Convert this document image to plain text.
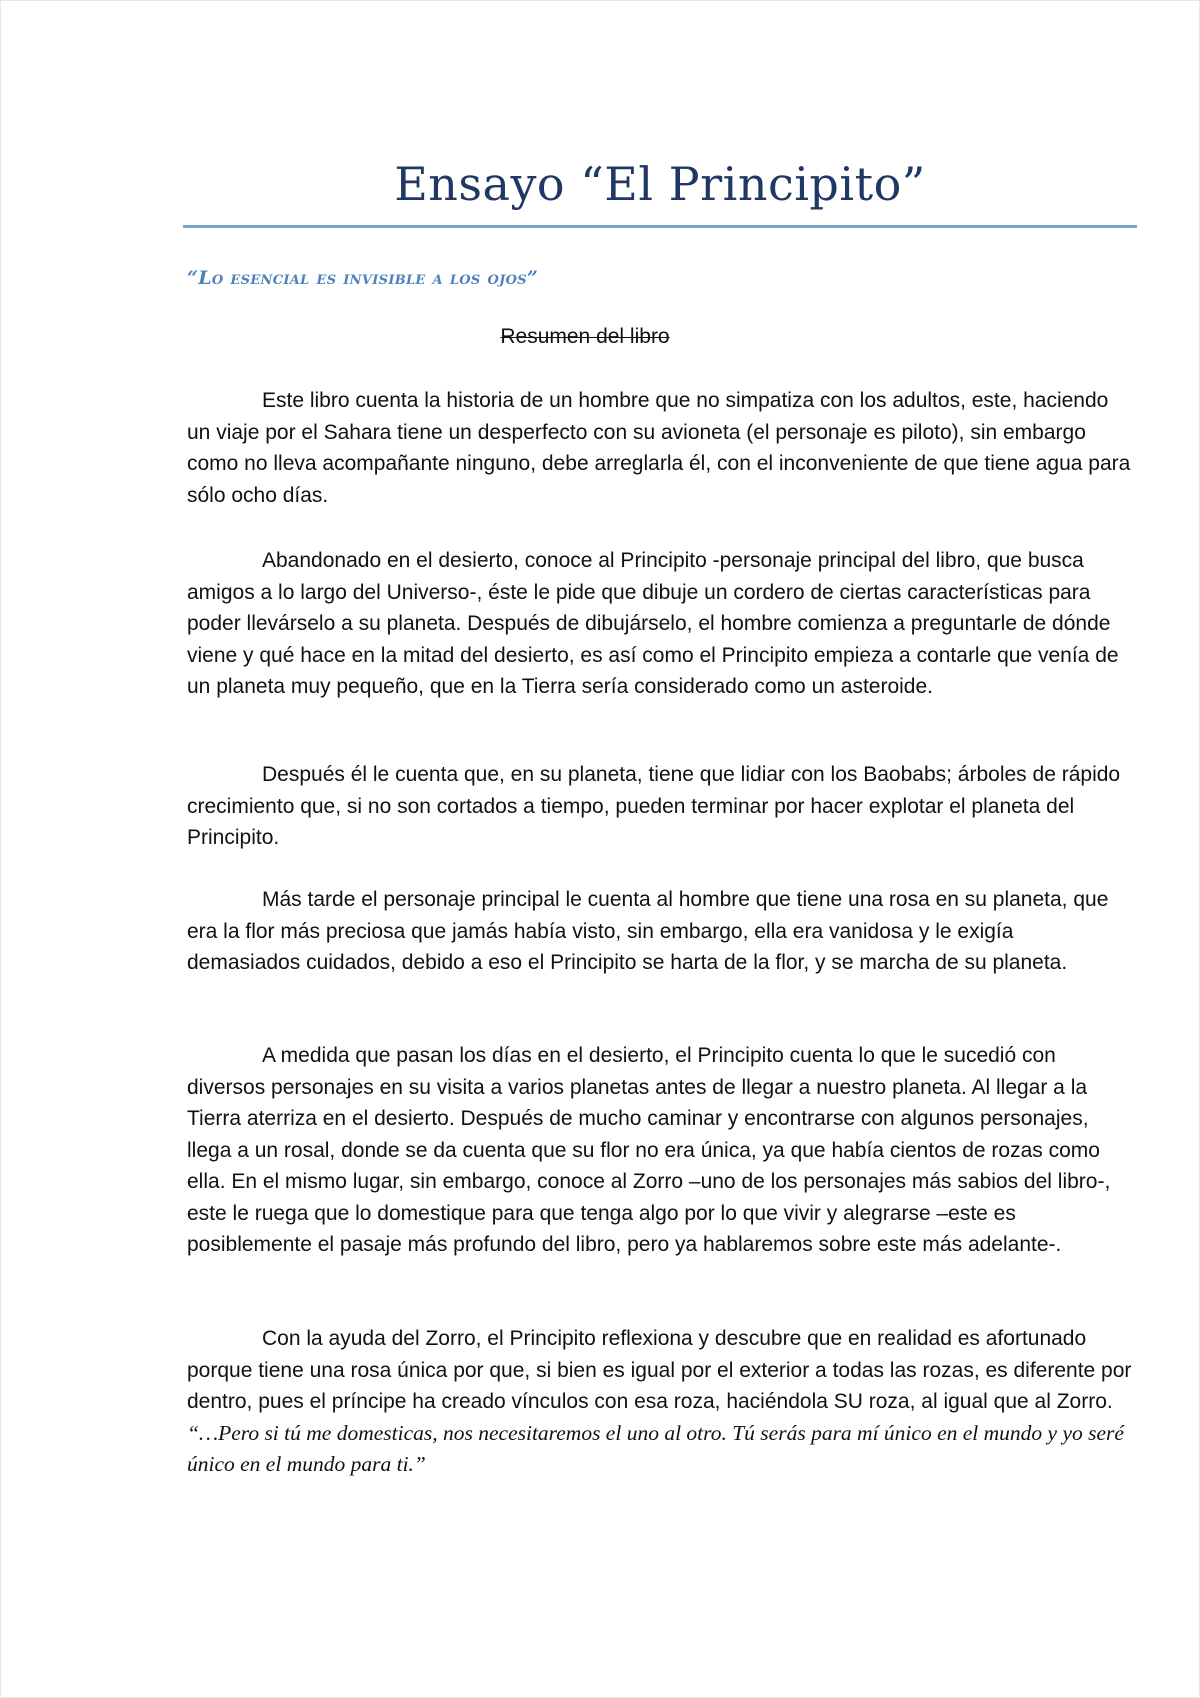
Ensayo “El Principito”
“Lo esencial es invisible a los ojos”
Resumen del libro

Este libro cuenta la historia de un hombre que no simpatiza con los adultos, este, haciendo un viaje por el Sahara tiene un desperfecto con su avioneta (el personaje es piloto), sin embargo como no lleva acompañante ninguno, debe arreglarla él, con el inconveniente de que tiene agua para sólo ocho días.

Abandonado en el desierto, conoce al Principito -personaje principal del libro, que busca amigos a lo largo del Universo-, éste le pide que dibuje un cordero de ciertas características para poder llevárselo a su planeta. Después de dibujárselo, el hombre comienza a preguntarle de dónde viene y qué hace en la mitad del desierto, es así como el Principito empieza a contarle que venía de un planeta muy pequeño, que en la Tierra sería considerado como un asteroide.

Después él le cuenta que, en su planeta, tiene que lidiar con los Baobabs; árboles de rápido crecimiento que, si no son cortados a tiempo, pueden terminar por hacer explotar el planeta del Principito.

Más tarde el personaje principal le cuenta al hombre que tiene una rosa en su planeta, que era la flor más preciosa que jamás había visto, sin embargo, ella era vanidosa y le exigía demasiados cuidados, debido a eso el Principito se harta de la flor, y se marcha de su planeta.

A medida que pasan los días en el desierto, el Principito cuenta lo que le sucedió con diversos personajes en su visita a varios planetas antes de llegar a nuestro planeta. Al llegar a la Tierra aterriza en el desierto. Después de mucho caminar y encontrarse con algunos personajes, llega a un rosal, donde se da cuenta que su flor no era única, ya que había cientos de rozas como ella. En el mismo lugar, sin embargo, conoce al Zorro –uno de los personajes más sabios del libro-, este le ruega que lo domestique para que tenga algo por lo que vivir y alegrarse –este es posiblemente el pasaje más profundo del libro, pero ya hablaremos sobre este más adelante-.

Con la ayuda del Zorro, el Principito reflexiona y descubre que en realidad es afortunado porque tiene una rosa única por que, si bien es igual por el exterior a todas las rozas, es diferente por dentro, pues el príncipe ha creado vínculos con esa roza, haciéndola SU roza, al igual que al Zorro. “…Pero si tú me domesticas, nos necesitaremos el uno al otro. Tú serás para mí único en el mundo y yo seré único en el mundo para ti.”
